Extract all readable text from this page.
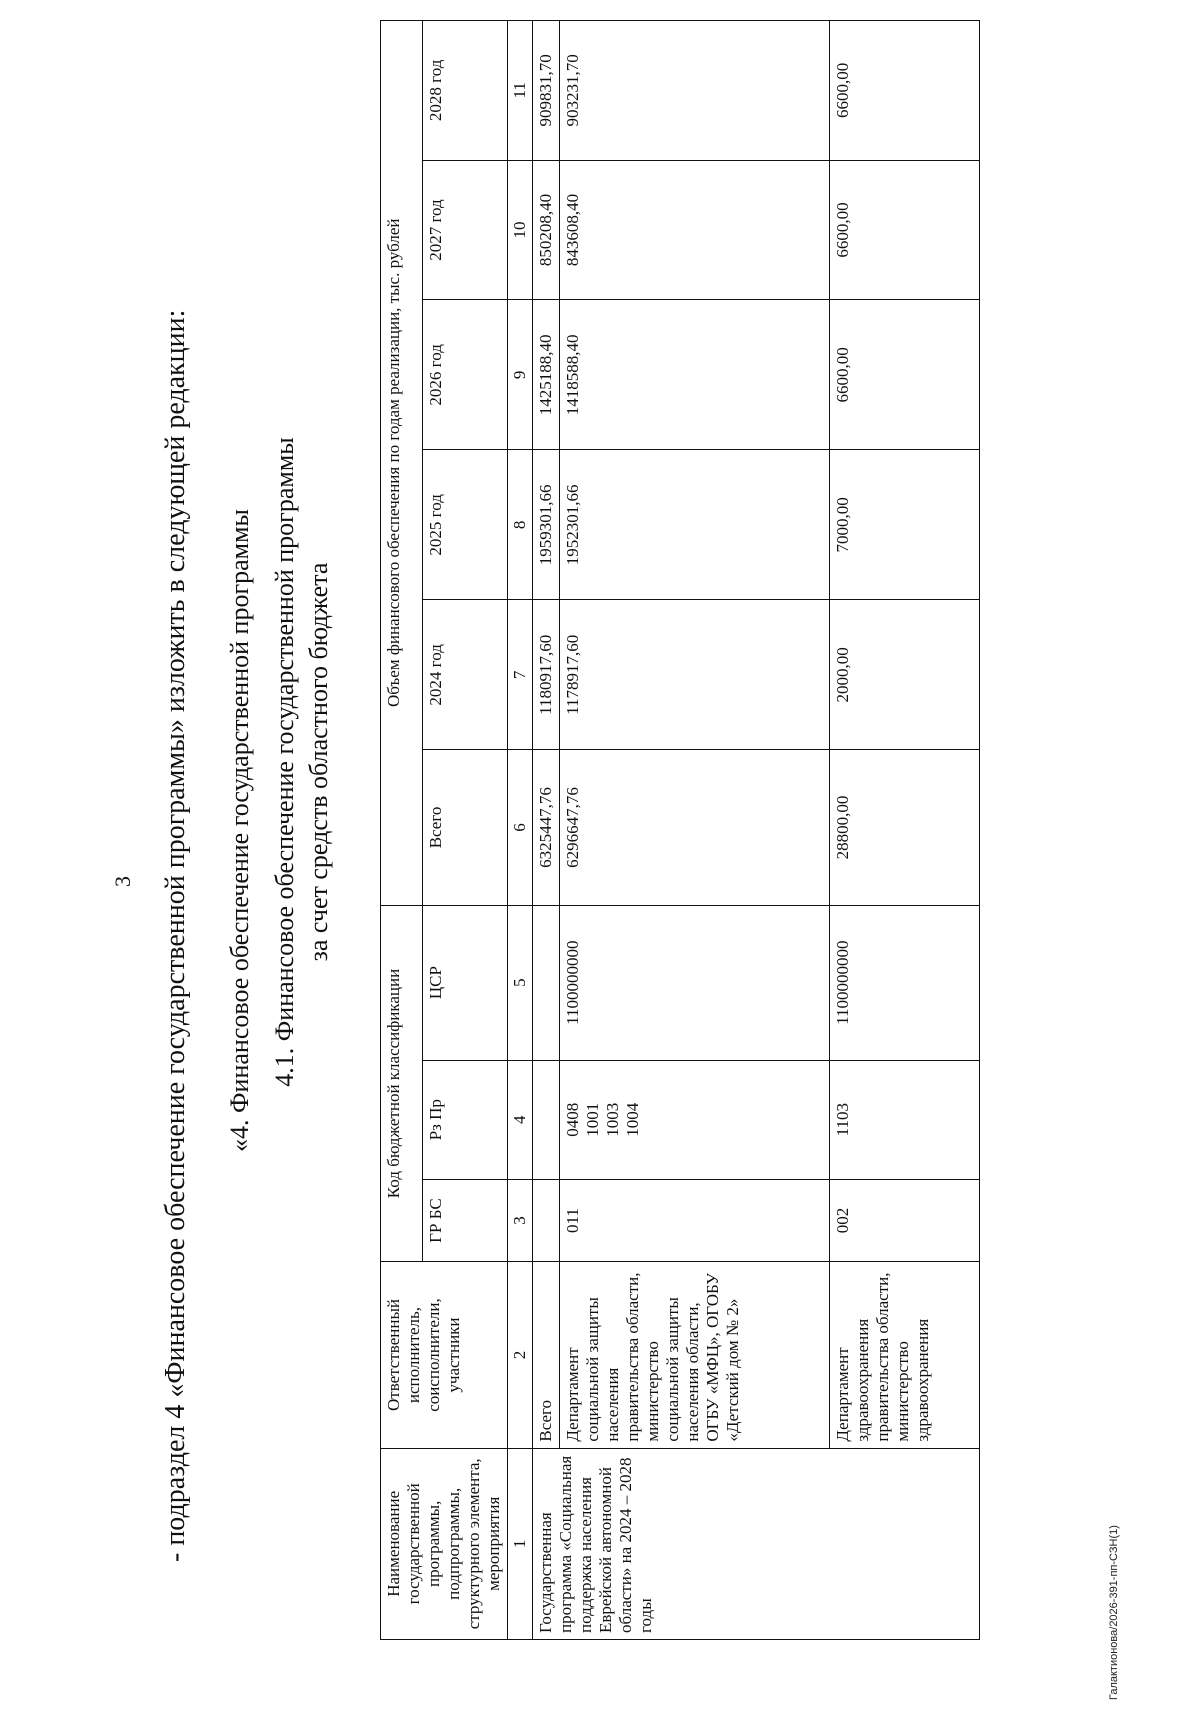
3 - подраздел 4 «Финансовое обеспечение государственной программы» изложить в следующей редакции: «4. Финансовое обеспечение государственной программы 4.1. Финансовое обеспечение государственной программы за счет средств областного бюджета
Наименование государственной программы, подпрограммы, структурного элемента, мероприятия	Ответственный исполнитель, соисполнители, участники	Код бюджетной классификации			Объем финансового обеспечения по годам реализации, тыс. рублей					
		ГР БС	Рз Пр	ЦСР	Всего	2024 год	2025 год	2026 год	2027 год	2028 год
1	2	3	4	5	6	7	8	9	10	11
Государственная программа «Социальная поддержка населения Еврейской автономной области» на 2024 – 2028 годы	Всего				6325447,76	1180917,60	1959301,66	1425188,40	850208,40	909831,70
	Департамент социальной защиты населения правительства области, министерство социальной защиты населения области, ОГБУ «МФЦ», ОГОБУ «Детский дом № 2»	011	0408 1001 1003 1004	1100000000	6296647,76	1178917,60	1952301,66	1418588,40	843608,40	903231,70
	Департамент здравоохранения правительства области, министерство здравоохранения	002	1103	1100000000	28800,00	2000,00	7000,00	6600,00	6600,00	6600,00
Галактионова/2026-391-пп-СЗН(1)
